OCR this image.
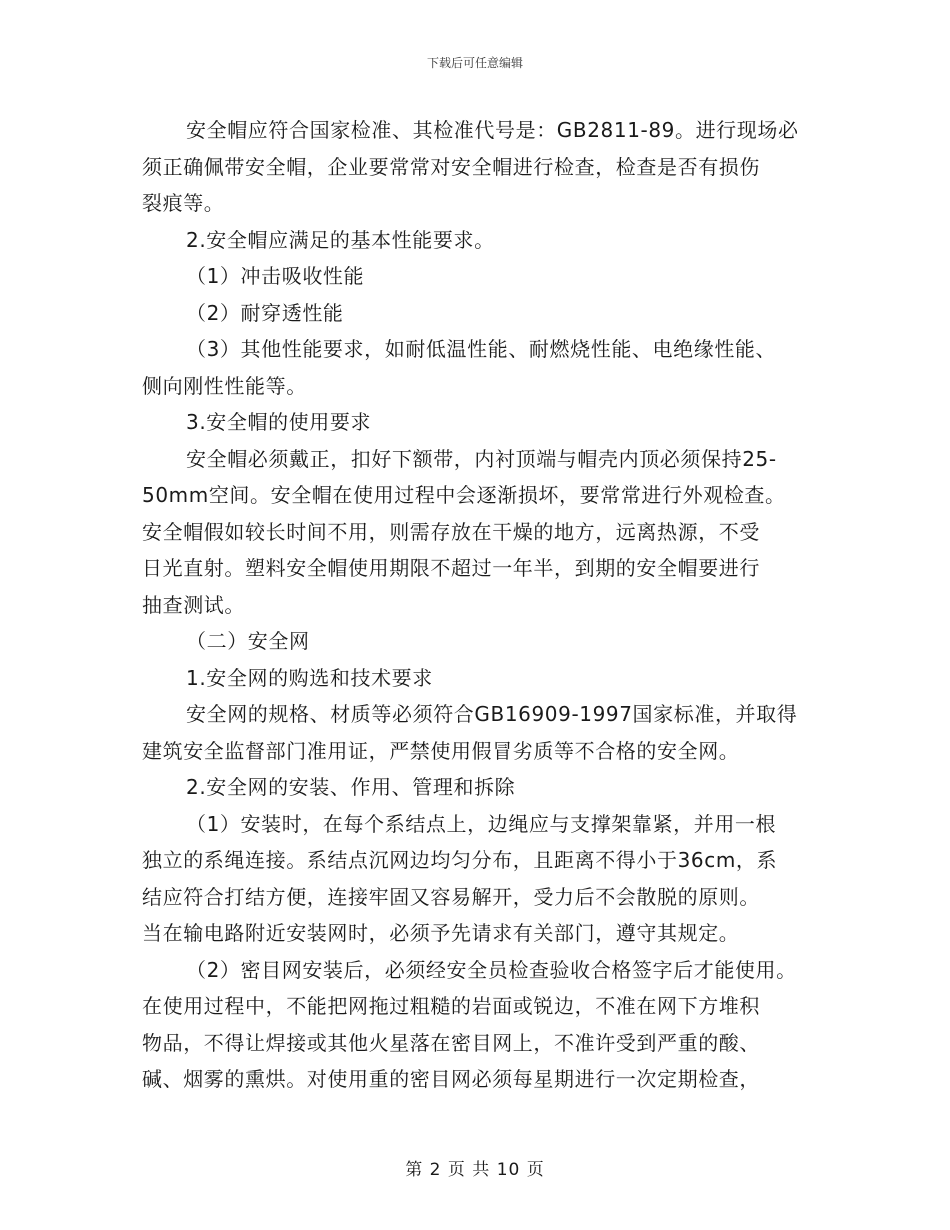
下载后可任意编辑
安全帽应符合国家检准、其检准代号是：GB2811-89。进行现场必
须正确佩带安全帽，企业要常常对安全帽进行检查，检查是否有损伤
裂痕等。
2.安全帽应满足的基本性能要求。
（1）冲击吸收性能
（2）耐穿透性能
（3）其他性能要求，如耐低温性能、耐燃烧性能、电绝缘性能、
侧向刚性性能等。
3.安全帽的使用要求
安全帽必须戴正，扣好下额带，内衬顶端与帽壳内顶必须保持25-
50mm空间。安全帽在使用过程中会逐渐损坏，要常常进行外观检查。
安全帽假如较长时间不用，则需存放在干燥的地方，远离热源，不受
日光直射。塑料安全帽使用期限不超过一年半，到期的安全帽要进行
抽查测试。
（二）安全网
1.安全网的购选和技术要求
安全网的规格、材质等必须符合GB16909-1997国家标准，并取得
建筑安全监督部门准用证，严禁使用假冒劣质等不合格的安全网。
2.安全网的安装、作用、管理和拆除
（1）安装时，在每个系结点上，边绳应与支撑架靠紧，并用一根
独立的系绳连接。系结点沉网边均匀分布，且距离不得小于36cm，系
结应符合打结方便，连接牢固又容易解开，受力后不会散脱的原则。
当在输电路附近安装网时，必须予先请求有关部门，遵守其规定。
（2）密目网安装后，必须经安全员检查验收合格签字后才能使用。
在使用过程中，不能把网拖过粗糙的岩面或锐边，不准在网下方堆积
物品，不得让焊接或其他火星落在密目网上，不准许受到严重的酸、
碱、烟雾的熏烘。对使用重的密目网必须每星期进行一次定期检查，
第 2 页 共 10 页
